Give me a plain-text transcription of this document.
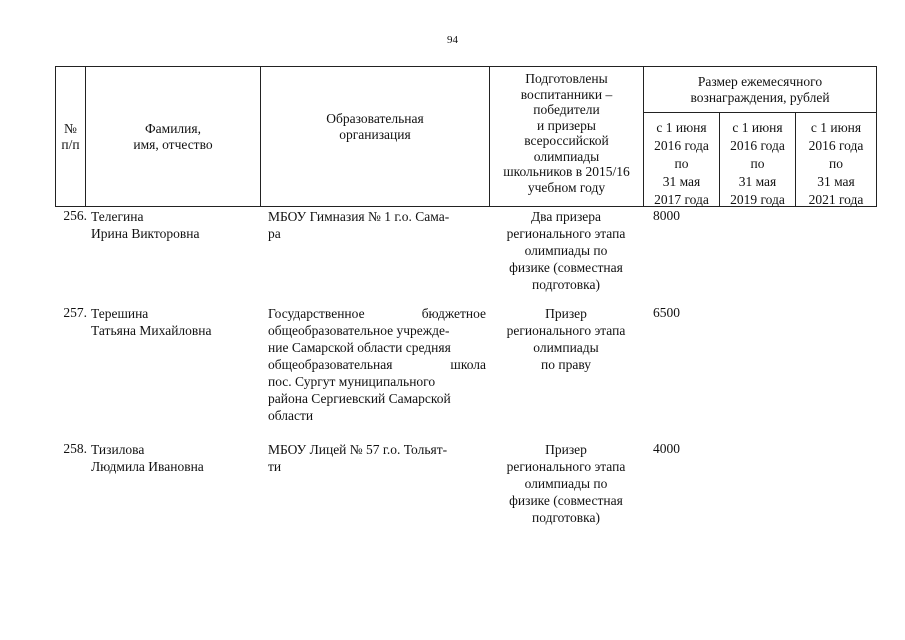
94
№
п/п
Фамилия,
имя, отчество
Образовательная
организация
Подготовлены
воспитанники –
победители
и призеры
всероссийской
олимпиады
школьников в 2015/16
учебном году
Размер ежемесячного
вознаграждения, рублей
с 1 июня
2016 года
по
31 мая
2017 года
с 1 июня
2016 года
по
31 мая
2019 года
с 1 июня
2016 года
по
31 мая
2021 года
256. Телегина
Ирина Викторовна
МБОУ Гимназия № 1 г.о. Сама-
ра
Два призера
регионального этапа
олимпиады по
физике (совместная
подготовка)
8000
257. Терешина
Татьяна Михайловна
Государственное	бюджетное
общеобразовательное учрежде-
ние Самарской области средняя
общеобразовательная	школа
пос. Сургут муниципального
района Сергиевский Самарской
области
Призер
регионального этапа
олимпиады
по праву
6500
258. Тизилова
Людмила Ивановна
МБОУ Лицей № 57 г.о. Тольят-
ти
Призер
регионального этапа
олимпиады по
физике (совместная
подготовка)
4000
